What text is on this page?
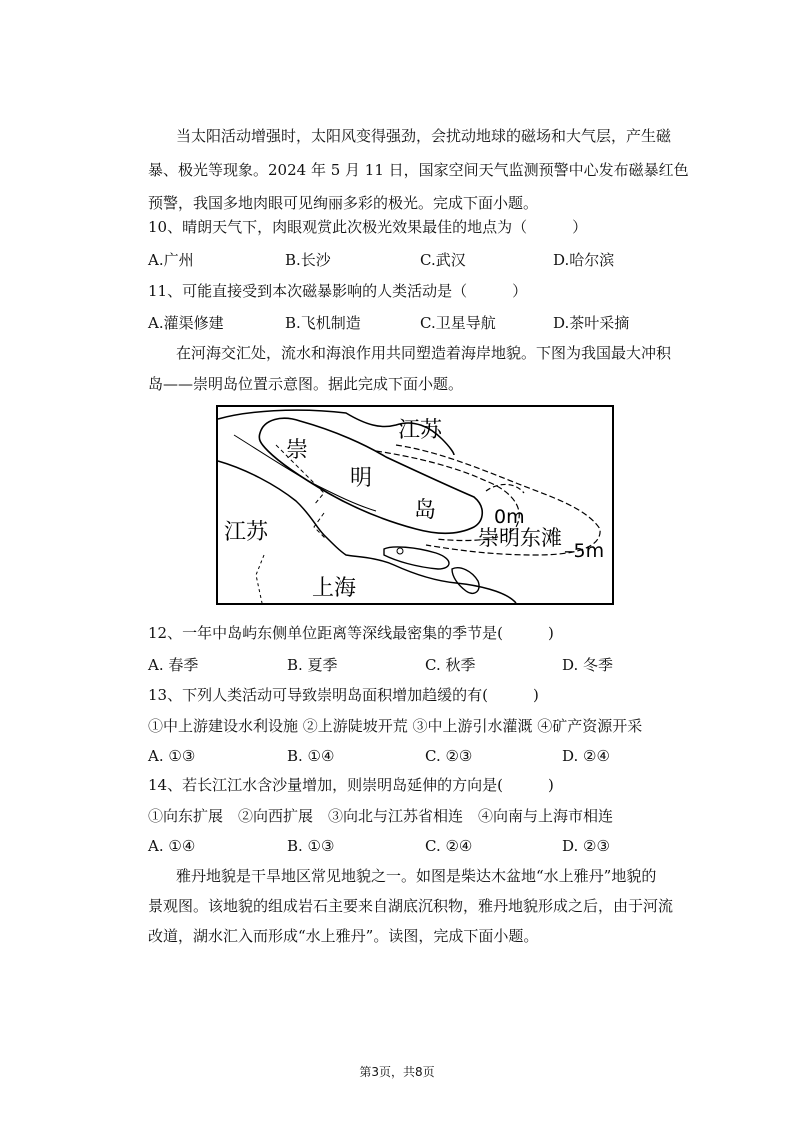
当太阳活动增强时，太阳风变得强劲，会扰动地球的磁场和大气层，产生磁
暴、极光等现象。2024 年 5 月 11 日，国家空间天气监测预警中心发布磁暴红色
预警，我国多地肉眼可见绚丽多彩的极光。完成下面小题。
10、晴朗天气下，肉眼观赏此次极光效果最佳的地点为（　　　）
A.广州	B.长沙	C.武汉	D.哈尔滨
11、可能直接受到本次磁暴影响的人类活动是（　　　）
A.灌渠修建	B.飞机制造	C.卫星导航	D.茶叶采摘
在河海交汇处，流水和海浪作用共同塑造着海岸地貌。下图为我国最大冲积
岛——崇明岛位置示意图。据此完成下面小题。
江苏
崇
明
岛	0m
崇明东滩
–5m
江苏
上海
12、一年中岛屿东侧单位距离等深线最密集的季节是(　　　)
A. 春季	B. 夏季	C. 秋季	D. 冬季
13、下列人类活动可导致崇明岛面积增加趋缓的有(　　　)
①中上游建设水利设施 ②上游陡坡开荒 ③中上游引水灌溉 ④矿产资源开采
A. ①③	B. ①④	C. ②③	D. ②④
14、若长江江水含沙量增加，则崇明岛延伸的方向是(　　　)
①向东扩展　②向西扩展　③向北与江苏省相连　④向南与上海市相连
A. ①④	B. ①③	C. ②④	D. ②③
雅丹地貌是干旱地区常见地貌之一。如图是柴达木盆地“水上雅丹”地貌的
景观图。该地貌的组成岩石主要来自湖底沉积物，雅丹地貌形成之后，由于河流
改道，湖水汇入而形成“水上雅丹”。读图，完成下面小题。
第3页，共8页
